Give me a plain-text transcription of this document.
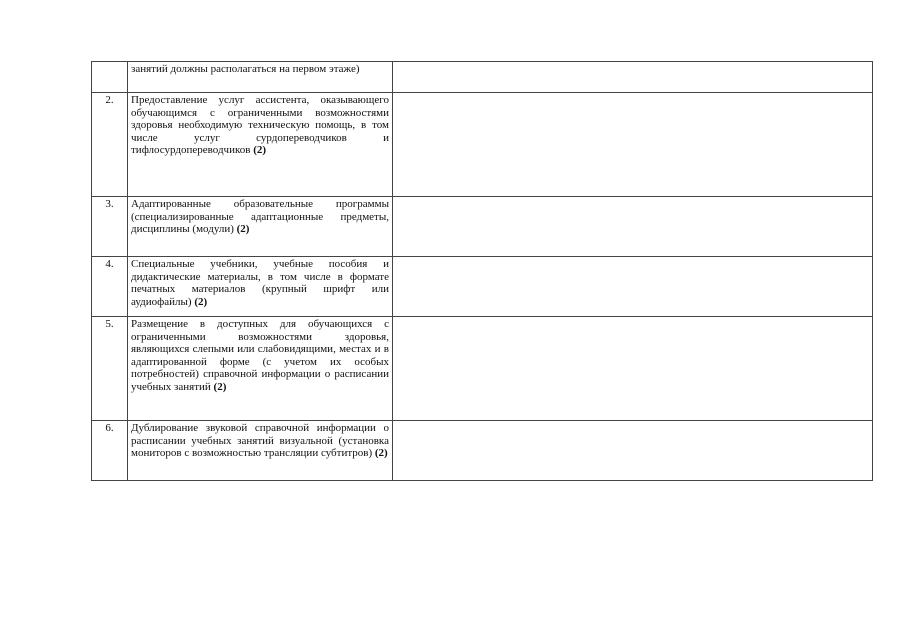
	занятий должны располагаться на первом этаже)	
2.	Предоставление услуг ассистента, оказывающего обучающимся с ограниченными возможностями здоровья необходимую техническую помощь, в том числе услуг сурдопереводчиков и тифлосурдопереводчиков (2)	
3.	Адаптированные образовательные программы (специализированные адаптационные предметы, дисциплины (модули) (2)	
4.	Специальные учебники, учебные пособия и дидактические материалы, в том числе в формате печатных материалов (крупный шрифт или аудиофайлы) (2)	
5.	Размещение в доступных для обучающихся с ограниченными возможностями здоровья, являющихся слепыми или слабовидящими, местах и в адаптированной форме (с учетом их особых потребностей) справочной информации о расписании учебных занятий (2)	
6.	Дублирование звуковой справочной информации о расписании учебных занятий визуальной (установка мониторов с возможностью трансляции субтитров) (2)	
